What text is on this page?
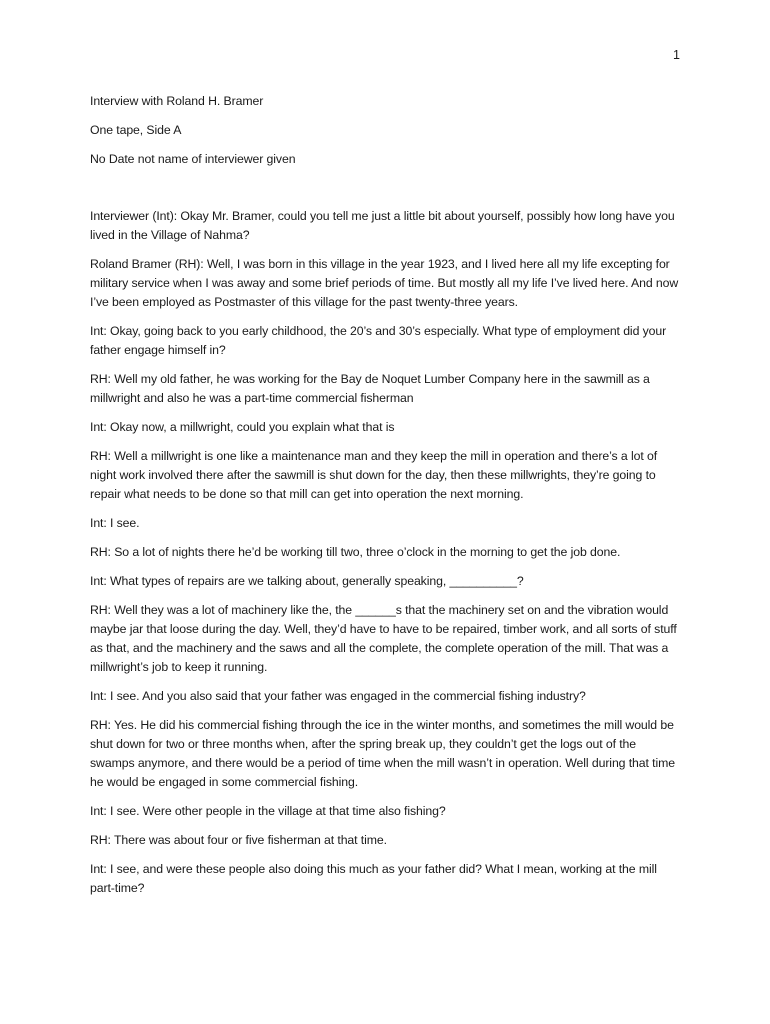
1
Interview with Roland H. Bramer
One tape, Side A
No Date not name of interviewer given

Interviewer (Int): Okay Mr. Bramer, could you tell me just a little bit about yourself, possibly how long have you lived in the Village of Nahma?

Roland Bramer (RH): Well, I was born in this village in the year 1923, and I lived here all my life excepting for military service when I was away and some brief periods of time. But mostly all my life I’ve lived here. And now I’ve been employed as Postmaster of this village for the past twenty-three years.

Int: Okay, going back to you early childhood, the 20’s and 30’s especially. What type of employment did your father engage himself in?

RH: Well my old father, he was working for the Bay de Noquet Lumber Company here in the sawmill as a millwright and also he was a part-time commercial fisherman

Int: Okay now, a millwright, could you explain what that is

RH: Well a millwright is one like a maintenance man and they keep the mill in operation and there’s a lot of night work involved there after the sawmill is shut down for the day, then these millwrights, they’re going to repair what needs to be done so that mill can get into operation the next morning.

Int: I see.

RH: So a lot of nights there he’d be working till two, three o’clock in the morning to get the job done.

Int: What types of repairs are we talking about, generally speaking, __________?

RH: Well they was a lot of machinery like the, the ______s that the machinery set on and the vibration would maybe jar that loose during the day. Well, they’d have to have to be repaired, timber work, and all sorts of stuff as that, and the machinery and the saws and all the complete, the complete operation of the mill. That was a millwright’s job to keep it running.

Int: I see. And you also said that your father was engaged in the commercial fishing industry?

RH: Yes. He did his commercial fishing through the ice in the winter months, and sometimes the mill would be shut down for two or three months when, after the spring break up, they couldn’t get the logs out of the swamps anymore, and there would be a period of time when the mill wasn’t in operation. Well during that time he would be engaged in some commercial fishing.

Int: I see. Were other people in the village at that time also fishing?

RH: There was about four or five fisherman at that time.

Int: I see, and were these people also doing this much as your father did? What I mean, working at the mill part-time?
